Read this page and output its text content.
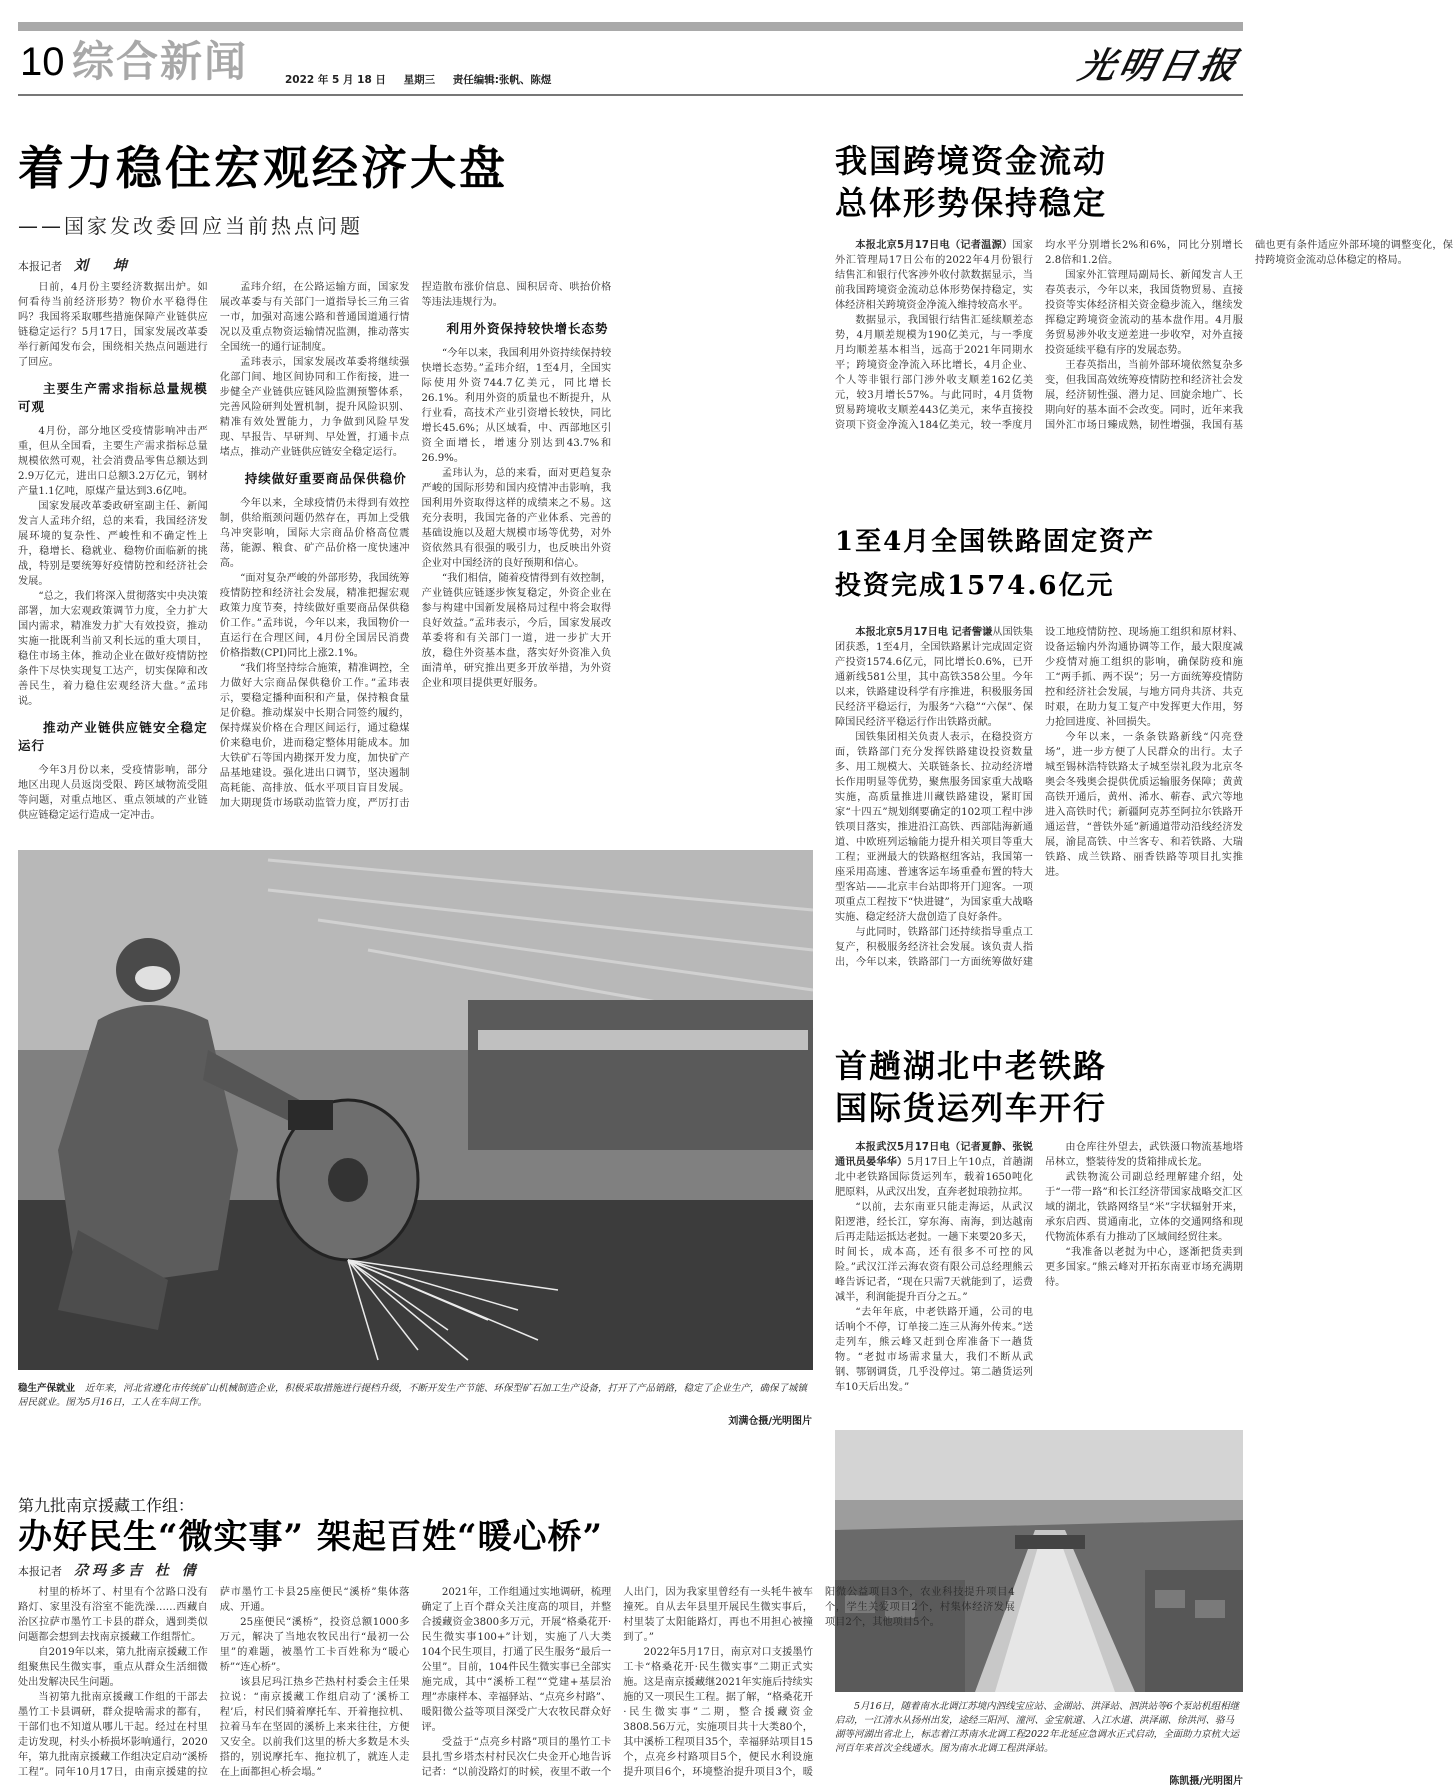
10 综合新闻	2022 年 5 月 18 日 星期三 责任编辑:张帆、陈煜	光明日报
着力稳住宏观经济大盘
——国家发改委回应当前热点问题
本报记者 刘 坤

日前，4月份主要经济数据出炉。如何看待当前经济形势？物价水平稳得住吗？我国将采取哪些措施保障产业链供应链稳定运行？5月17日，国家发展改革委举行新闻发布会，围绕相关热点问题进行了回应。

主要生产需求指标总量规模可观

4月份，部分地区受疫情影响冲击严重，但从全国看，主要生产需求指标总量规模依然可观，社会消费品零售总额达到2.9万亿元，进出口总额3.2万亿元，钢材产量1.1亿吨，原煤产量达到3.6亿吨。

国家发展改革委政研室副主任、新闻发言人孟玮介绍，总的来看，我国经济发展环境的复杂性、严峻性和不确定性上升，稳增长、稳就业、稳物价面临新的挑战，特别是要统筹好疫情防控和经济社会发展。

“总之，我们将深入贯彻落实中央决策部署，加大宏观政策调节力度，全力扩大国内需求，精准发力扩大有效投资，推动实施一批既利当前又利长远的重大项目，稳住市场主体，推动企业在做好疫情防控条件下尽快实现复工达产，切实保障和改善民生，着力稳住宏观经济大盘。”孟玮说。

推动产业链供应链安全稳定运行

今年3月份以来，受疫情影响，部分地区出现人员返岗受限、跨区域物流受阻等问题，对重点地区、重点领域的产业链供应链稳定运行造成一定冲击。

孟玮介绍，在公路运输方面，国家发展改革委与有关部门一道指导长三角三省一市，加强对高速公路和普通国道通行情况以及重点物资运输情况监测，推动落实全国统一的通行证制度。

孟玮表示，国家发展改革委将继续强化部门间、地区间协同和工作衔接，进一步健全产业链供应链风险监测预警体系，完善风险研判处置机制，提升风险识别、精准有效处置能力，力争做到风险早发现、早报告、早研判、早处置，打通卡点堵点，推动产业链供应链安全稳定运行。

持续做好重要商品保供稳价

今年以来，全球疫情仍未得到有效控制，供给瓶颈问题仍然存在，再加上受俄乌冲突影响，国际大宗商品价格高位震荡，能源、粮食、矿产品价格一度快速冲高。

“面对复杂严峻的外部形势，我国统筹疫情防控和经济社会发展，精准把握宏观政策力度节奏，持续做好重要商品保供稳价工作。”孟玮说，今年以来，我国物价一直运行在合理区间，4月份全国居民消费价格指数(CPI)同比上涨2.1%。

“我们将坚持综合施策，精准调控，全力做好大宗商品保供稳价工作。”孟玮表示，要稳定播种面积和产量，保持粮食量足价稳。推动煤炭中长期合同签约履约，保持煤炭价格在合理区间运行，通过稳煤价来稳电价，进而稳定整体用能成本。加大铁矿石等国内勘探开发力度，加快矿产品基地建设。强化进出口调节，坚决遏制高耗能、高排放、低水平项目盲目发展。加大期现货市场联动监管力度，严厉打击捏造散布涨价信息、囤积居奇、哄抬价格等违法违规行为。

利用外资保持较快增长态势

“今年以来，我国利用外资持续保持较快增长态势。”孟玮介绍，1至4月，全国实际使用外资744.7亿美元，同比增长26.1%。利用外资的质量也不断提升，从行业看，高技术产业引资增长较快，同比增长45.6%；从区域看，中、西部地区引资全面增长，增速分别达到43.7%和26.9%。

孟玮认为，总的来看，面对更趋复杂严峻的国际形势和国内疫情冲击影响，我国利用外资取得这样的成绩来之不易。这充分表明，我国完备的产业体系、完善的基础设施以及超大规模市场等优势，对外资依然具有很强的吸引力，也反映出外资企业对中国经济的良好预期和信心。

“我们相信，随着疫情得到有效控制，产业链供应链逐步恢复稳定，外资企业在参与构建中国新发展格局过程中将会取得良好效益。”孟玮表示，今后，国家发展改革委将和有关部门一道，进一步扩大开放，稳住外资基本盘，落实好外资准入负面清单，研究推出更多开放举措，为外资企业和项目提供更好服务。

稳生产保就业 近年来，河北省遵化市传统矿山机械制造企业，积极采取措施进行提档升级，不断开发生产节能、环保型矿石加工生产设备，打开了产品销路，稳定了企业生产，确保了城镇居民就业。图为5月16日，工人在车间工作。
刘满仓摄/光明图片
我国跨境资金流动
总体形势保持稳定

本报北京5月17日电（记者温源）国家外汇管理局17日公布的2022年4月份银行结售汇和银行代客涉外收付款数据显示，当前我国跨境资金流动总体形势保持稳定，实体经济相关跨境资金净流入维持较高水平。

数据显示，我国银行结售汇延续顺差态势，4月顺差规模为190亿美元，与一季度月均顺差基本相当，远高于2021年同期水平；跨境资金净流入环比增长，4月企业、个人等非银行部门涉外收支顺差162亿美元，较3月增长57%。与此同时，4月货物贸易跨境收支顺差443亿美元，来华直接投资项下资金净流入184亿美元，较一季度月均水平分别增长2%和6%，同比分别增长2.8倍和1.2倍。

国家外汇管理局副局长、新闻发言人王春英表示，今年以来，我国货物贸易、直接投资等实体经济相关资金稳步流入，继续发挥稳定跨境资金流动的基本盘作用。4月服务贸易涉外收支逆差进一步收窄，对外直接投资延续平稳有序的发展态势。

王春英指出，当前外部环境依然复杂多变，但我国高效统筹疫情防控和经济社会发展，经济韧性强、潜力足、回旋余地广、长期向好的基本面不会改变。同时，近年来我国外汇市场日臻成熟，韧性增强，我国有基础也更有条件适应外部环境的调整变化，保持跨境资金流动总体稳定的格局。

1至4月全国铁路固定资产
投资完成1574.6亿元

本报北京5月17日电 记者訾谦从国铁集团获悉，1至4月，全国铁路累计完成固定资产投资1574.6亿元，同比增长0.6%，已开通新线581公里，其中高铁358公里。今年以来，铁路建设科学有序推进，积极服务国民经济平稳运行，为服务“六稳”“六保”、保障国民经济平稳运行作出铁路贡献。

国铁集团相关负责人表示，在稳投资方面，铁路部门充分发挥铁路建设投资数量多、用工规模大、关联链条长、拉动经济增长作用明显等优势，聚焦服务国家重大战略实施，高质量推进川藏铁路建设，紧盯国家“十四五”规划纲要确定的102项工程中涉铁项目落实，推进沿江高铁、西部陆海新通道、中欧班列运输能力提升相关项目等重大工程；亚洲最大的铁路枢纽客站，我国第一座采用高速、普速客运车场重叠布置的特大型客站——北京丰台站即将开门迎客。一项项重点工程按下“快进键”，为国家重大战略实施、稳定经济大盘创造了良好条件。

与此同时，铁路部门还持续指导重点工复产，积极服务经济社会发展。该负责人指出，今年以来，铁路部门一方面统筹做好建设工地疫情防控、现场施工组织和原材料、设备运输内外沟通协调等工作，最大限度减少疫情对施工组织的影响，确保防疫和施工“两手抓、两不误”；另一方面统筹疫情防控和经济社会发展，与地方同舟共济、共克时艰，在助力复工复产中发挥更大作用，努力抢回进度、补回损失。

今年以来，一条条铁路新线“闪亮登场”，进一步方便了人民群众的出行。太子城至锡林浩特铁路太子城至崇礼段为北京冬奥会冬残奥会提供优质运输服务保障；黄黄高铁开通后，黄州、浠水、蕲春、武穴等地进入高铁时代；新疆阿克苏至阿拉尔铁路开通运营，“普铁外延”新通道带动沿线经济发展，渝昆高铁、中兰客专、和若铁路、大瑞铁路、成兰铁路、丽香铁路等项目扎实推进。

首趟湖北中老铁路
国际货运列车开行

本报武汉5月17日电（记者夏静、张锐 通讯员晏华华）5月17日上午10点，首趟湖北中老铁路国际货运列车，载着1650吨化肥原料，从武汉出发，直奔老挝琅勃拉邦。

“以前，去东南亚只能走海运，从武汉阳逻港，经长江，穿东海、南海，到达越南后再走陆运抵达老挝。一趟下来要20多天，时间长，成本高，还有很多不可控的风险。”武汉江洋云海农资有限公司总经理熊云峰告诉记者，“现在只需7天就能到了，运费减半，利润能提升百分之五。”

“去年年底，中老铁路开通，公司的电话响个不停，订单接二连三从海外传来。”送走列车，熊云峰又赶到仓库准备下一趟货物。“老挝市场需求量大，我们不断从武钢、鄂钢调货，几乎没停过。第二趟货运列车10天后出发。”

由仓库往外望去，武铁滠口物流基地塔吊林立，整装待发的货箱排成长龙。

武铁物流公司副总经理解建介绍，处于“一带一路”和长江经济带国家战略交汇区域的湖北，铁路网络呈“米”字状辐射开来，承东启西、贯通南北，立体的交通网络和现代物流体系有力推动了区域间经贸往来。

“我准备以老挝为中心，逐渐把货卖到更多国家。”熊云峰对开拓东南亚市场充满期待。

5月16日，随着南水北调江苏境内泗线宝应站、金湖站、洪泽站、泗洪站等6个泵站机组相继启动，一江清水从扬州出发，途经三阳河、潼河、金宝航道、入江水道、洪泽湖、徐洪河、骆马湖等河湖出省北上，标志着江苏南水北调工程2022年北延应急调水正式启动，全面助力京杭大运河百年来首次全线通水。图为南水北调工程洪泽站。
陈凯摄/光明图片
第九批南京援藏工作组：
办好民生“微实事” 架起百姓“暖心桥”
本报记者 尕玛多吉 杜 倩

村里的桥坏了、村里有个岔路口没有路灯、家里没有浴室不能洗澡……西藏自治区拉萨市墨竹工卡县的群众，遇到类似问题都会想到去找南京援藏工作组帮忙。

自2019年以来，第九批南京援藏工作组聚焦民生微实事，重点从群众生活细微处出发解决民生问题。

当初第九批南京援藏工作组的干部去墨竹工卡县调研，群众提啥需求的都有，干部们也不知道从哪儿干起。经过在村里走访发现，村头小桥损坏影响通行，2020年，第九批南京援藏工作组决定启动“溪桥工程”。同年10月17日，由南京援建的拉萨市墨竹工卡县25座便民“溪桥”集体落成、开通。

25座便民“溪桥”，投资总额1000多万元，解决了当地农牧民出行“最初一公里”的难题，被墨竹工卡百姓称为“暖心桥”“连心桥”。

该县尼玛江热乡芒热村村委会主任果拉说：“南京援藏工作组启动了‘溪桥工程’后，村民们骑着摩托车、开着拖拉机、拉着马车在坚固的溪桥上来来往往，方便又安全。以前我们这里的桥大多数是木头搭的，别说摩托车、拖拉机了，就连人走在上面都担心桥会塌。”

2021年，工作组通过实地调研，梳理确定了上百个群众关注度高的项目，并整合援藏资金3800多万元，开展“格桑花开·民生微实事100+”计划，实施了八大类104个民生项目，打通了民生服务“最后一公里”。目前，104件民生微实事已全部实施完成，其中“溪桥工程”“党建+基层治理”赤康样本、幸福驿站、“点亮乡村路”、暖阳微公益等项目深受广大农牧民群众好评。

受益于“点亮乡村路”项目的墨竹工卡县扎雪乡塔杰村村民次仁央金开心地告诉记者：“以前没路灯的时候，夜里不敢一个人出门，因为我家里曾经有一头牦牛被车撞死。自从去年县里开展民生微实事后，村里装了太阳能路灯，再也不用担心被撞到了。”

2022年5月17日，南京对口支援墨竹工卡“格桑花开·民生微实事”二期正式实施。这是南京援藏继2021年实施后持续实施的又一项民生工程。据了解，“格桑花开·民生微实事”二期，整合援藏资金3808.56万元，实施项目共十大类80个，其中溪桥工程项目35个，幸福驿站项目15个，点亮乡村路项目5个，便民水利设施提升项目6个，环境整治提升项目3个，暖阳微公益项目3个，农业科技提升项目4个，学生关爱项目2个，村集体经济发展项目2个，其他项目5个。
